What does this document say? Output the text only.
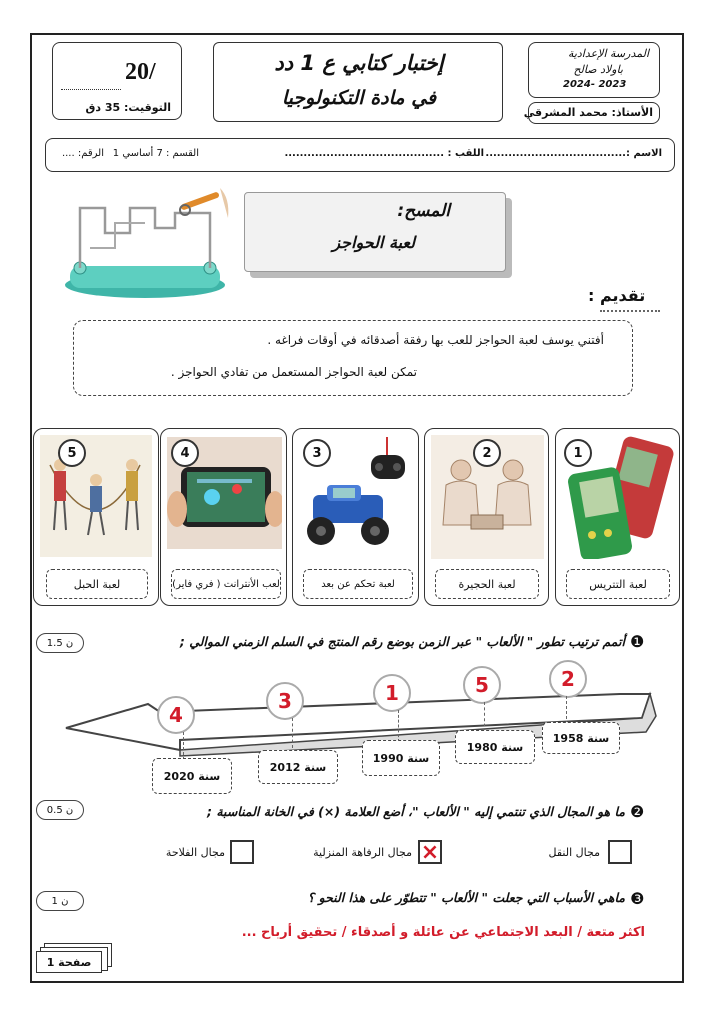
20/
التوقيت: 35 دق
إختبار كتابي ع 1 دد
في مادة التكنولوجيا
المدرسة الإعدادية
باولاد صالح
2024- 2023
الأستاذ: محمد المشرقي
الاسم :.....................................
اللقب : ..........................................
القسم : 7 أساسي 1
الرقم: ....
المسح:
لعبة الحواجز
تقديم :
أفتني يوسف لعبة الحواجز للعب بها رفقة أصدقائه في أوقات فراغه .
تمكن لعبة الحواجز المستعمل من تفادي الحواجز .
5
لعبة الحبل
4
لعب الأنترانت ( فري فاير)
3
لعبة تحكم عن بعد
2
لعبة الحجيرة
1
لعبة التتريس
❶
أتمم ترتيب تطور " الألعاب " عبر الزمن بوضع رقم المنتج في السلم الزمني الموالي ;
1.5 ن
2
سنة 1958
5
سنة 1980
1
سنة 1990
3
سنة 2012
4
سنة 2020
❷
ما هو المجال الذي تنتمي إليه " الألعاب "، أضع العلامة (×) في الخانة المناسبة ;
0.5 ن
مجال النقل
×
مجال الرفاهة المنزلية
مجال الفلاحة
❸
ماهي الأسباب التي جعلت " الألعاب " تتطوّر على هذا النحو ؟
1 ن
اكثر متعة / البعد الاجتماعي عن عائلة و أصدقاء / تحقيق أرباح ...
صفحة 1
